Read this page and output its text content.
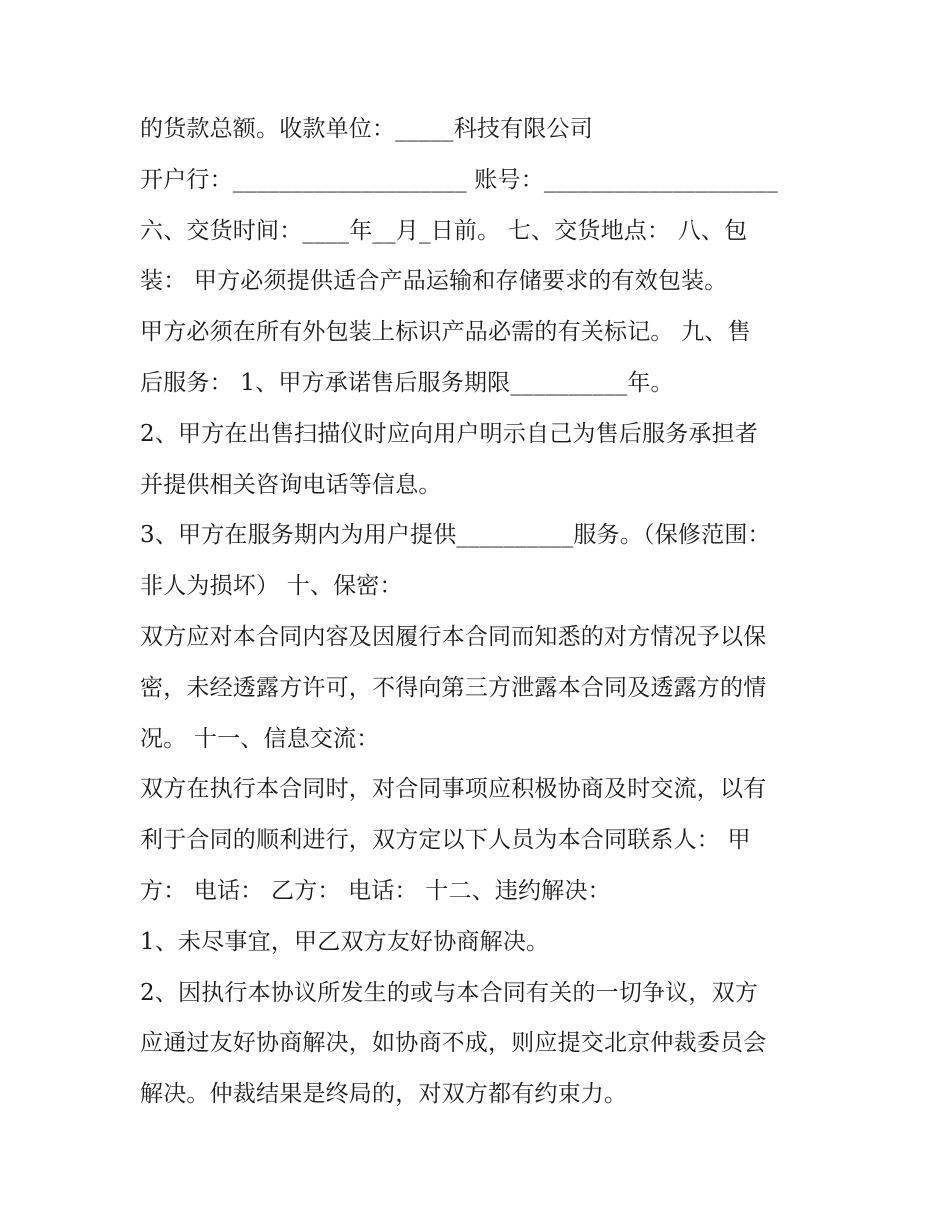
的货款总额。收款单位：_____科技有限公司
开户行：____________________ 账号：____________________
六、交货时间：____年__月_日前。 七、交货地点： 八、包
装： 甲方必须提供适合产品运输和存储要求的有效包装。
甲方必须在所有外包装上标识产品必需的有关标记。 九、售
后服务： 1、甲方承诺售后服务期限__________年。
2、甲方在出售扫描仪时应向用户明示自己为售后服务承担者
并提供相关咨询电话等信息。
3、甲方在服务期内为用户提供__________服务。（保修范围：
非人为损坏） 十、保密：
双方应对本合同内容及因履行本合同而知悉的对方情况予以保
密，未经透露方许可，不得向第三方泄露本合同及透露方的情
况。 十一、信息交流：
双方在执行本合同时，对合同事项应积极协商及时交流，以有
利于合同的顺利进行，双方定以下人员为本合同联系人： 甲
方： 电话： 乙方： 电话： 十二、违约解决：
1、未尽事宜，甲乙双方友好协商解决。
2、因执行本协议所发生的或与本合同有关的一切争议，双方
应通过友好协商解决，如协商不成，则应提交北京仲裁委员会
解决。仲裁结果是终局的，对双方都有约束力。
